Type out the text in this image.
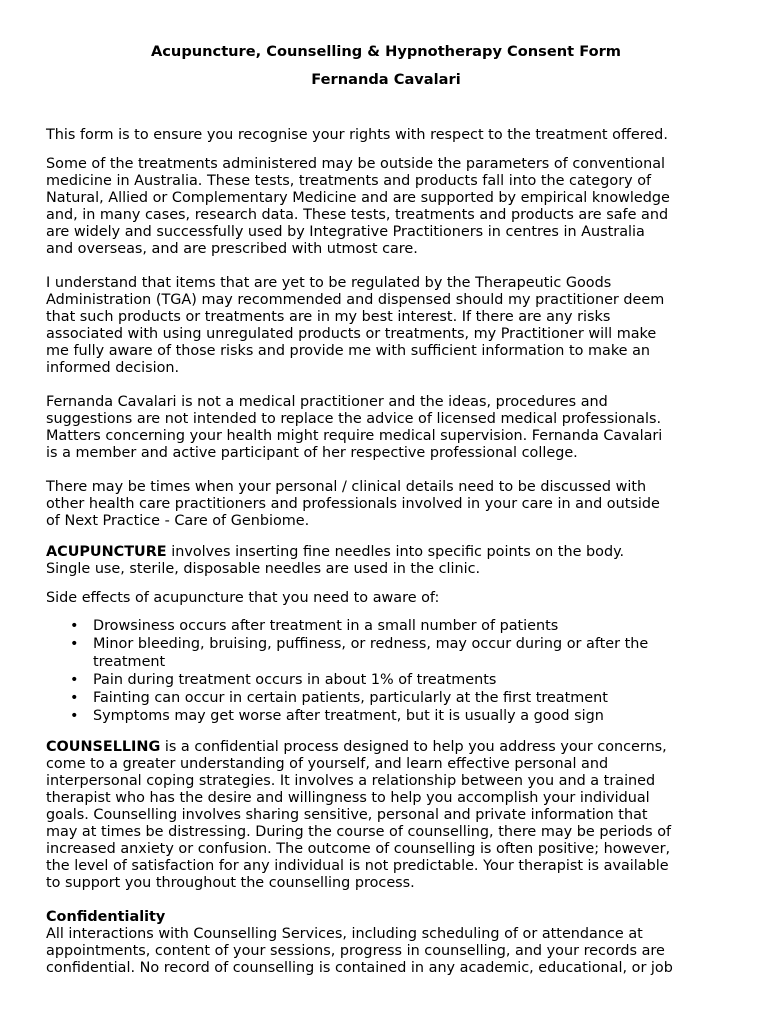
Acupuncture, Counselling & Hypnotherapy Consent Form
Fernanda Cavalari

This form is to ensure you recognise your rights with respect to the treatment offered.

Some of the treatments administered may be outside the parameters of conventional
medicine in Australia. These tests, treatments and products fall into the category of
Natural, Allied or Complementary Medicine and are supported by empirical knowledge
and, in many cases, research data. These tests, treatments and products are safe and
are widely and successfully used by Integrative Practitioners in centres in Australia
and overseas, and are prescribed with utmost care.

I understand that items that are yet to be regulated by the Therapeutic Goods
Administration (TGA) may recommended and dispensed should my practitioner deem
that such products or treatments are in my best interest. If there are any risks
associated with using unregulated products or treatments, my Practitioner will make
me fully aware of those risks and provide me with sufficient information to make an
informed decision.

Fernanda Cavalari is not a medical practitioner and the ideas, procedures and
suggestions are not intended to replace the advice of licensed medical professionals.
Matters concerning your health might require medical supervision. Fernanda Cavalari
is a member and active participant of her respective professional college.

There may be times when your personal / clinical details need to be discussed with
other health care practitioners and professionals involved in your care in and outside
of Next Practice - Care of Genbiome.

ACUPUNCTURE involves inserting fine needles into specific points on the body.
Single use, sterile, disposable needles are used in the clinic.

Side effects of acupuncture that you need to aware of:

• Drowsiness occurs after treatment in a small number of patients
• Minor bleeding, bruising, puffiness, or redness, may occur during or after the
treatment
• Pain during treatment occurs in about 1% of treatments
• Fainting can occur in certain patients, particularly at the first treatment
• Symptoms may get worse after treatment, but it is usually a good sign

COUNSELLING is a confidential process designed to help you address your concerns,
come to a greater understanding of yourself, and learn effective personal and
interpersonal coping strategies. It involves a relationship between you and a trained
therapist who has the desire and willingness to help you accomplish your individual
goals. Counselling involves sharing sensitive, personal and private information that
may at times be distressing. During the course of counselling, there may be periods of
increased anxiety or confusion. The outcome of counselling is often positive; however,
the level of satisfaction for any individual is not predictable. Your therapist is available
to support you throughout the counselling process.

Confidentiality
All interactions with Counselling Services, including scheduling of or attendance at
appointments, content of your sessions, progress in counselling, and your records are
confidential. No record of counselling is contained in any academic, educational, or job
